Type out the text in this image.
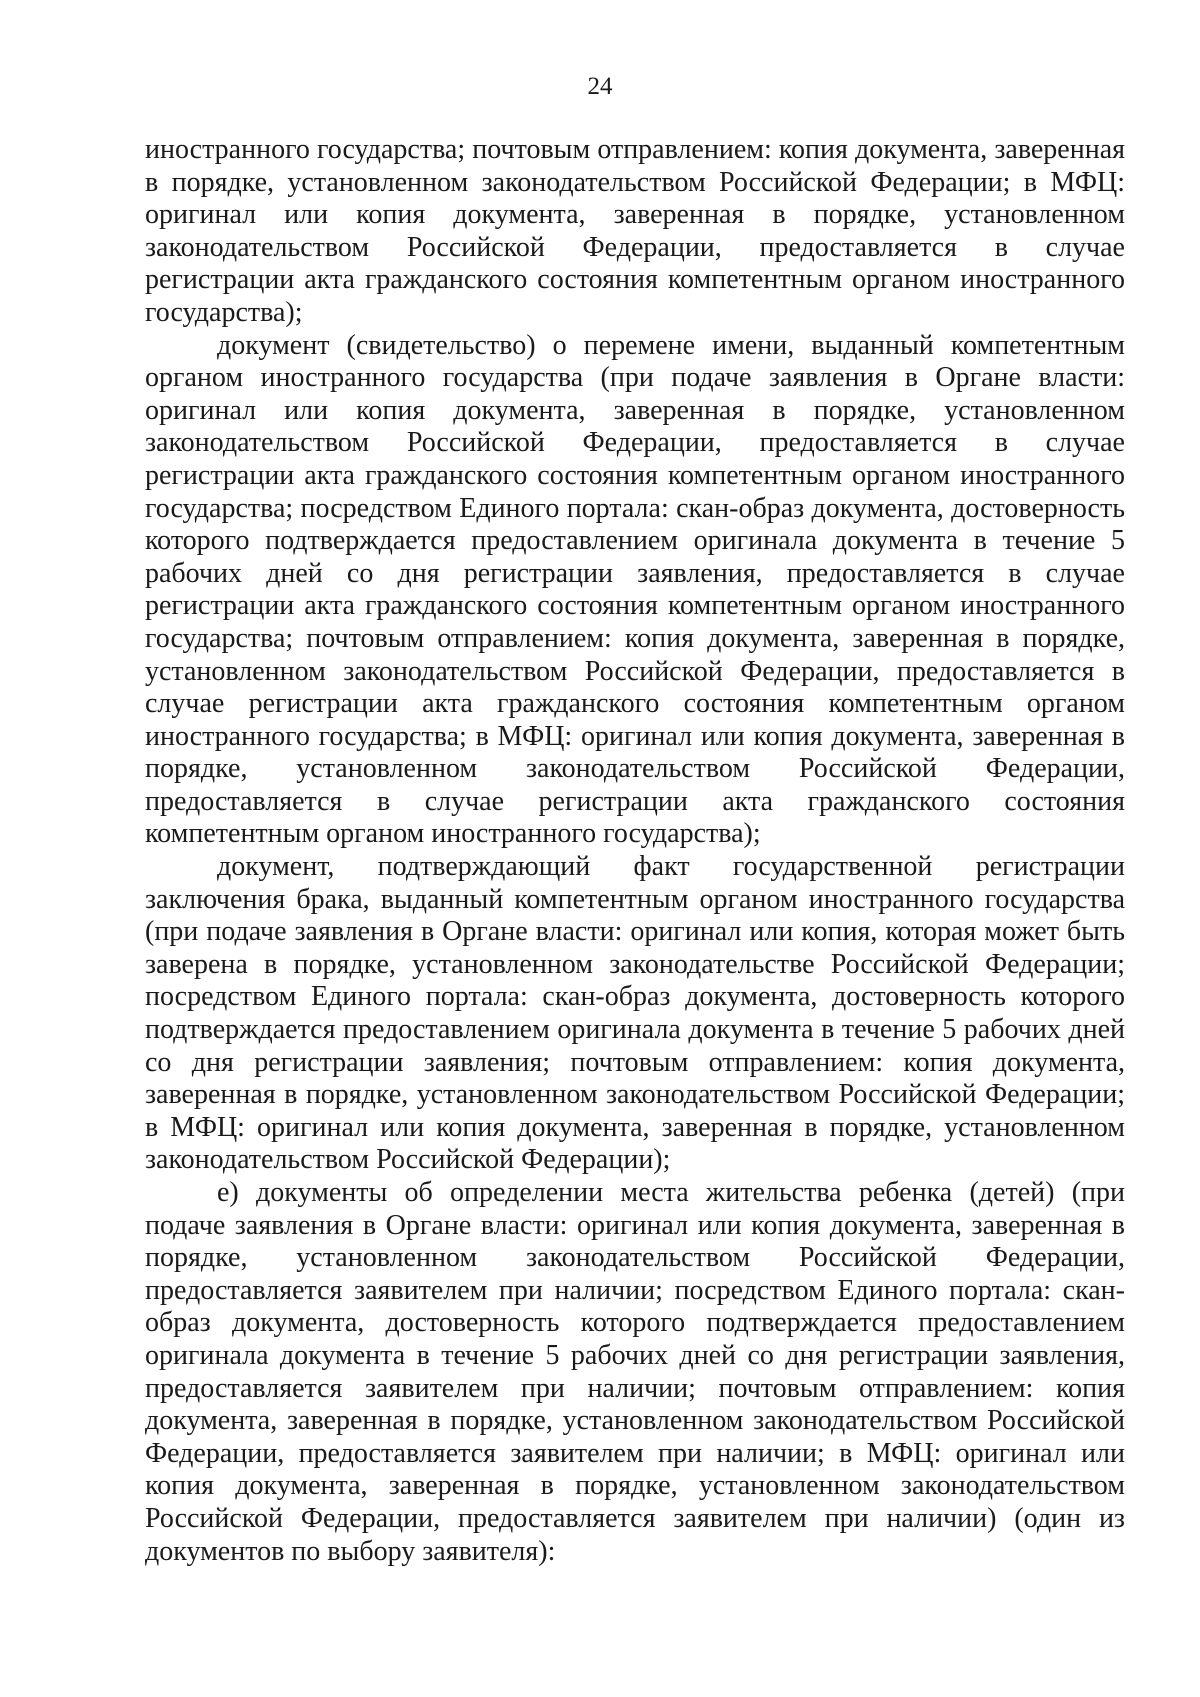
24

иностранного государства; почтовым отправлением: копия документа, заверенная в порядке, установленном законодательством Российской Федерации; в МФЦ: оригинал или копия документа, заверенная в порядке, установленном законодательством Российской Федерации, предоставляется в случае регистрации акта гражданского состояния компетентным органом иностранного государства);

документ (свидетельство) о перемене имени, выданный компетентным органом иностранного государства (при подаче заявления в Органе власти: оригинал или копия документа, заверенная в порядке, установленном законодательством Российской Федерации, предоставляется в случае регистрации акта гражданского состояния компетентным органом иностранного государства; посредством Единого портала: скан-образ документа, достоверность которого подтверждается предоставлением оригинала документа в течение 5 рабочих дней со дня регистрации заявления, предоставляется в случае регистрации акта гражданского состояния компетентным органом иностранного государства; почтовым отправлением: копия документа, заверенная в порядке, установленном законодательством Российской Федерации, предоставляется в случае регистрации акта гражданского состояния компетентным органом иностранного государства; в МФЦ: оригинал или копия документа, заверенная в порядке, установленном законодательством Российской Федерации, предоставляется в случае регистрации акта гражданского состояния компетентным органом иностранного государства);

документ, подтверждающий факт государственной регистрации заключения брака, выданный компетентным органом иностранного государства (при подаче заявления в Органе власти: оригинал или копия, которая может быть заверена в порядке, установленном законодательстве Российской Федерации; посредством Единого портала: скан-образ документа, достоверность которого подтверждается предоставлением оригинала документа в течение 5 рабочих дней со дня регистрации заявления; почтовым отправлением: копия документа, заверенная в порядке, установленном законодательством Российской Федерации; в МФЦ: оригинал или копия документа, заверенная в порядке, установленном законодательством Российской Федерации);

е) документы об определении места жительства ребенка (детей) (при подаче заявления в Органе власти: оригинал или копия документа, заверенная в порядке, установленном законодательством Российской Федерации, предоставляется заявителем при наличии; посредством Единого портала: скан-образ документа, достоверность которого подтверждается предоставлением оригинала документа в течение 5 рабочих дней со дня регистрации заявления, предоставляется заявителем при наличии; почтовым отправлением: копия документа, заверенная в порядке, установленном законодательством Российской Федерации, предоставляется заявителем при наличии; в МФЦ: оригинал или копия документа, заверенная в порядке, установленном законодательством Российской Федерации, предоставляется заявителем при наличии) (один из документов по выбору заявителя):
